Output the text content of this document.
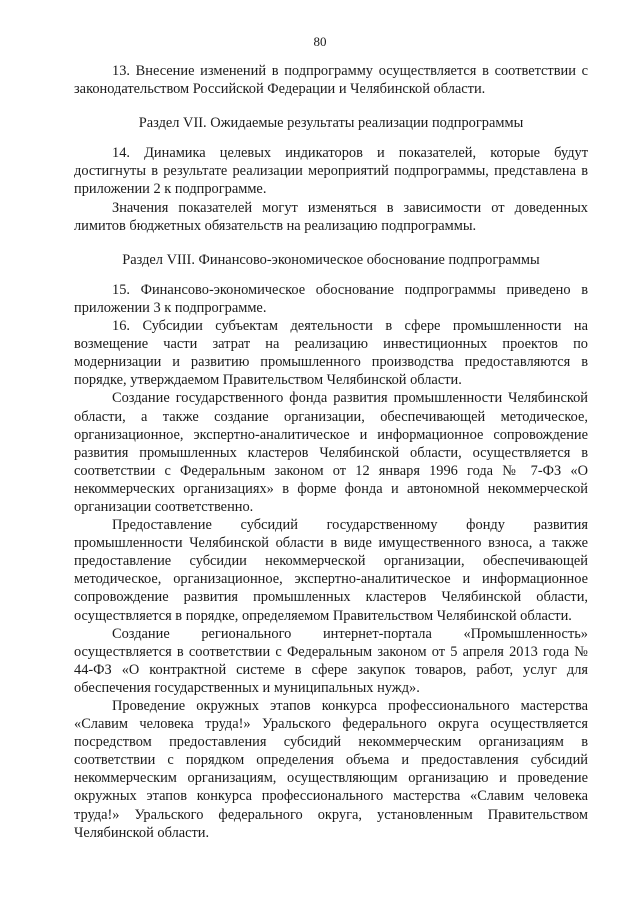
80

13. Внесение изменений в подпрограмму осуществляется в соответствии с законодательством Российской Федерации и Челябинской области.

Раздел VII. Ожидаемые результаты реализации подпрограммы

14. Динамика целевых индикаторов и показателей, которые будут достигнуты в результате реализации мероприятий подпрограммы, представлена в приложении 2 к подпрограмме.

Значения показателей могут изменяться в зависимости от доведенных лимитов бюджетных обязательств на реализацию подпрограммы.

Раздел VIII. Финансово-экономическое обоснование подпрограммы

15. Финансово-экономическое обоснование подпрограммы приведено в приложении 3 к подпрограмме.

16. Субсидии субъектам деятельности в сфере промышленности на возмещение части затрат на реализацию инвестиционных проектов по модернизации и развитию промышленного производства предоставляются в порядке, утверждаемом Правительством Челябинской области.

Создание государственного фонда развития промышленности Челябинской области, а также создание организации, обеспечивающей методическое, организационное, экспертно-аналитическое и информационное сопровождение развития промышленных кластеров Челябинской области, осуществляется в соответствии с Федеральным законом от 12 января 1996 года № 7-ФЗ «О некоммерческих организациях» в форме фонда и автономной некоммерческой организации соответственно.

Предоставление субсидий государственному фонду развития промышленности Челябинской области в виде имущественного взноса, а также предоставление субсидии некоммерческой организации, обеспечивающей методическое, организационное, экспертно-аналитическое и информационное сопровождение развития промышленных кластеров Челябинской области, осуществляется в порядке, определяемом Правительством Челябинской области.

Создание регионального интернет-портала «Промышленность» осуществляется в соответствии с Федеральным законом от 5 апреля 2013 года № 44-ФЗ «О контрактной системе в сфере закупок товаров, работ, услуг для обеспечения государственных и муниципальных нужд».

Проведение окружных этапов конкурса профессионального мастерства «Славим человека труда!» Уральского федерального округа осуществляется посредством предоставления субсидий некоммерческим организациям в соответствии с порядком определения объема и предоставления субсидий некоммерческим организациям, осуществляющим организацию и проведение окружных этапов конкурса профессионального мастерства «Славим человека труда!» Уральского федерального округа, установленным Правительством Челябинской области.
